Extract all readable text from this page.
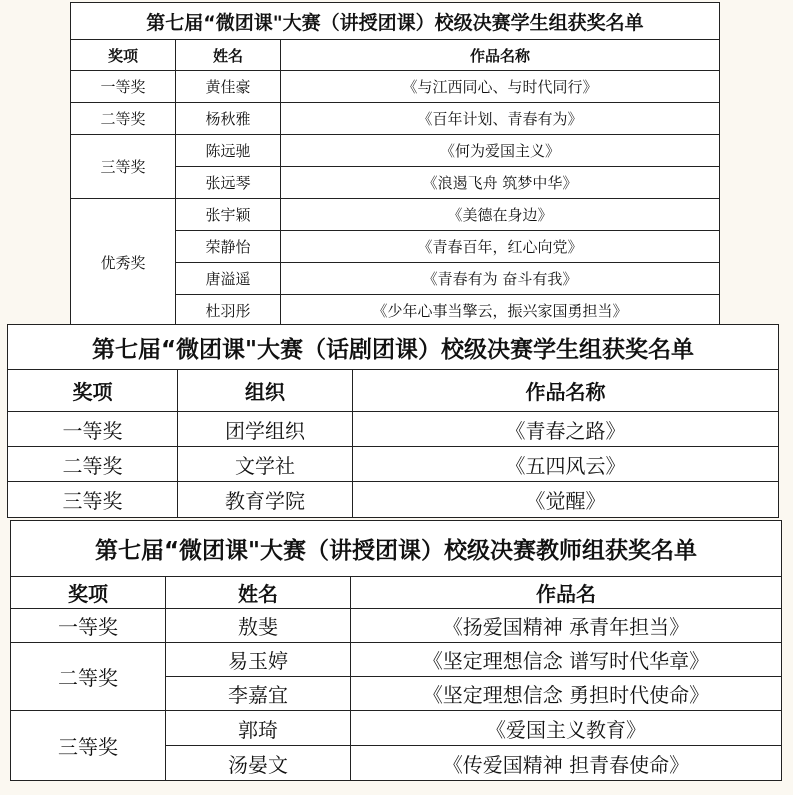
第七届“微团课"大赛（讲授团课）校级决赛学生组获奖名单		
奖项	姓名	作品名称
一等奖	黄佳豪	《与江西同心、与时代同行》
二等奖	杨秋雅	《百年计划、青春有为》
三等奖	陈远驰	《何为爱国主义》
	张远琴	《浪遏飞舟 筑梦中华》
优秀奖	张宇颖	《美德在身边》
	荣静怡	《青春百年，红心向党》
	唐溢遥	《青春有为 奋斗有我》
	杜羽彤	《少年心事当擎云，振兴家国勇担当》
第七届“微团课"大赛（话剧团课）校级决赛学生组获奖名单		
奖项	组织	作品名称
一等奖	团学组织	《青春之路》
二等奖	文学社	《五四风云》
三等奖	教育学院	《觉醒》
第七届“微团课"大赛（讲授团课）校级决赛教师组获奖名单		
奖项	姓名	作品名
一等奖	敖斐	《扬爱国精神 承青年担当》
二等奖	易玉婷	《坚定理想信念 谱写时代华章》
	李嘉宜	《坚定理想信念 勇担时代使命》
三等奖	郭琦	《爱国主义教育》
	汤晏文	《传爱国精神 担青春使命》
